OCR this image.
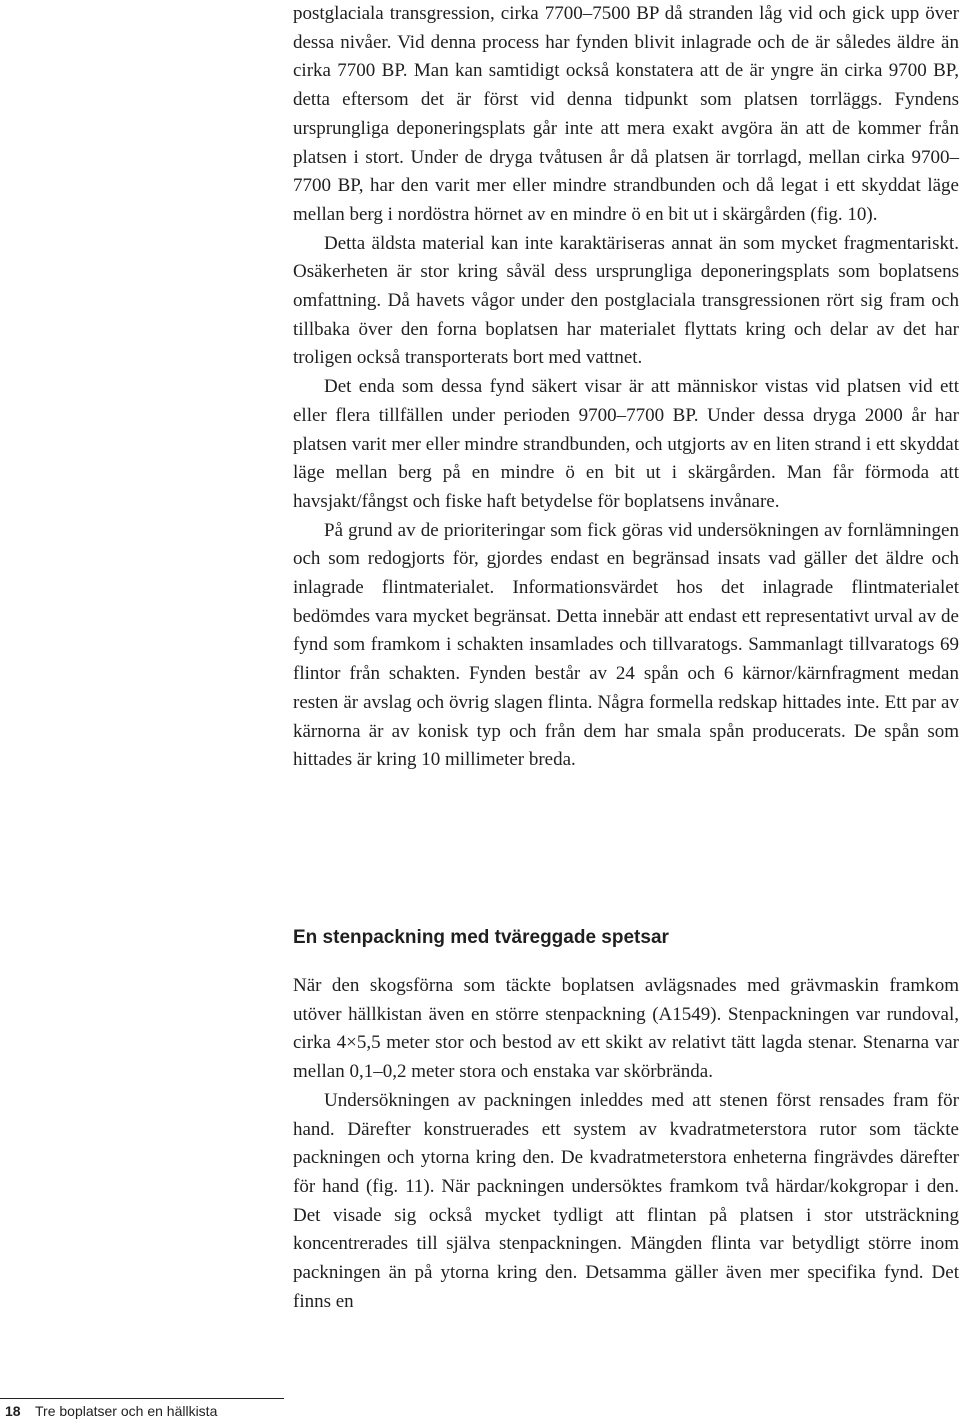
postglaciala transgression, cirka 7700–7500 BP då stranden låg vid och gick upp över dessa nivåer. Vid denna process har fynden blivit inlagrade och de är således äldre än cirka 7700 BP. Man kan samtidigt också konstatera att de är yngre än cirka 9700 BP, detta eftersom det är först vid denna tidpunkt som platsen torrläggs. Fyndens ursprungliga deponeringsplats går inte att mera exakt avgöra än att de kommer från platsen i stort. Under de dryga tvåtusen år då platsen är torrlagd, mellan cirka 9700–7700 BP, har den varit mer eller mindre strandbunden och då legat i ett skyddat läge mellan berg i nordöstra hörnet av en mindre ö en bit ut i skärgården (fig. 10).

Detta äldsta material kan inte karaktäriseras annat än som mycket fragmentariskt. Osäkerheten är stor kring såväl dess ursprungliga deponeringsplats som boplatsens omfattning. Då havets vågor under den postglaciala transgressionen rört sig fram och tillbaka över den forna boplatsen har materialet flyttats kring och delar av det har troligen också transporterats bort med vattnet.

Det enda som dessa fynd säkert visar är att människor vistas vid platsen vid ett eller flera tillfällen under perioden 9700–7700 BP. Under dessa dryga 2000 år har platsen varit mer eller mindre strandbunden, och utgjorts av en liten strand i ett skyddat läge mellan berg på en mindre ö en bit ut i skärgården. Man får förmoda att havsjakt/fångst och fiske haft betydelse för boplatsens invånare.

På grund av de prioriteringar som fick göras vid undersökningen av fornlämningen och som redogjorts för, gjordes endast en begränsad insats vad gäller det äldre och inlagrade flintmaterialet. Informationsvärdet hos det inlagrade flintmaterialet bedömdes vara mycket begränsat. Detta innebär att endast ett representativt urval av de fynd som framkom i schakten insamlades och tillvaratogs. Sammanlagt tillvaratogs 69 flintor från schakten. Fynden består av 24 spån och 6 kärnor/kärnfragment medan resten är avslag och övrig slagen flinta. Några formella redskap hittades inte. Ett par av kärnorna är av konisk typ och från dem har smala spån producerats. De spån som hittades är kring 10 millimeter breda.

En stenpackning med tväreggade spetsar

När den skogsförna som täckte boplatsen avlägsnades med grävmaskin framkom utöver hällkistan även en större stenpackning (A1549). Stenpackningen var rundoval, cirka 4×5,5 meter stor och bestod av ett skikt av relativt tätt lagda stenar. Stenarna var mellan 0,1–0,2 meter stora och enstaka var skörbrända.

Undersökningen av packningen inleddes med att stenen först rensades fram för hand. Därefter konstruerades ett system av kvadratmeterstora rutor som täckte packningen och ytorna kring den. De kvadratmeterstora enheterna fingrävdes därefter för hand (fig. 11). När packningen undersöktes framkom två härdar/kokgropar i den. Det visade sig också mycket tydligt att flintan på platsen i stor utsträckning koncentrerades till själva stenpackningen. Mängden flinta var betydligt större inom packningen än på ytorna kring den. Detsamma gäller även mer specifika fynd. Det finns en

18 Tre boplatser och en hällkista
